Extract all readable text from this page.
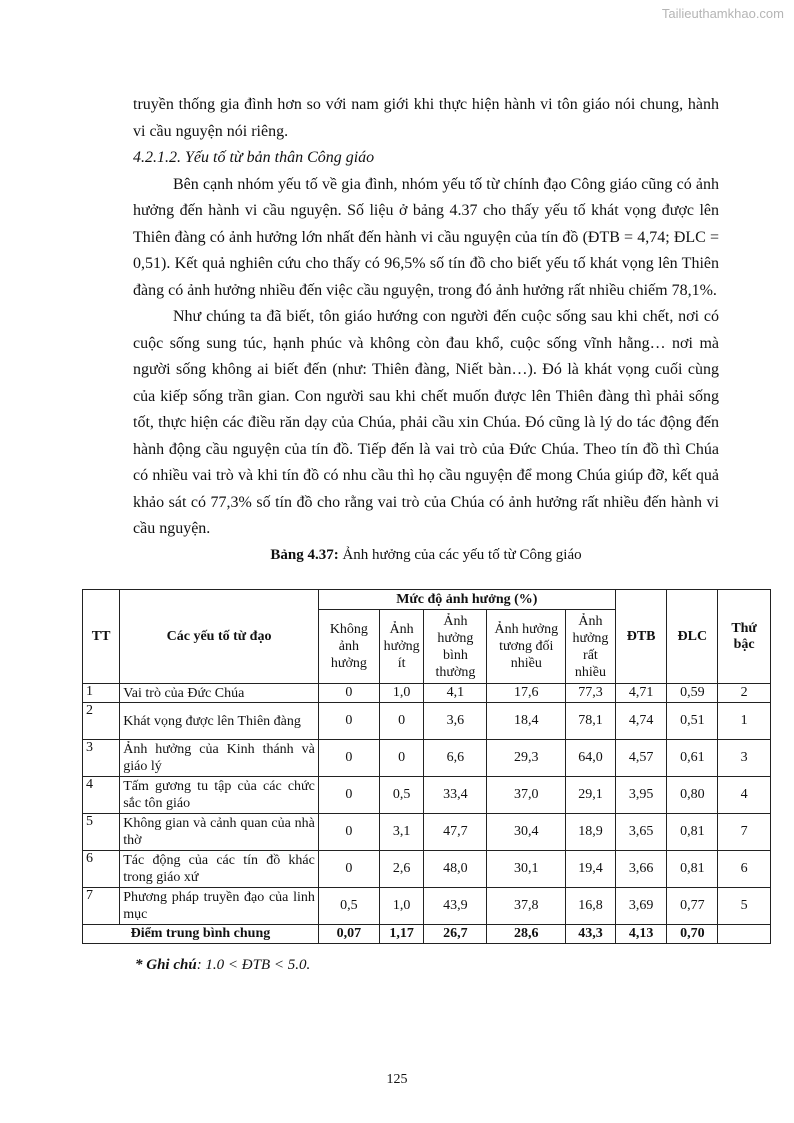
Tailieuthamkhao.com

truyền thống gia đình hơn so với nam giới khi thực hiện hành vi tôn giáo nói chung, hành vi cầu nguyện nói riêng.

4.2.1.2. Yếu tố từ bản thân Công giáo

Bên cạnh nhóm yếu tố về gia đình, nhóm yếu tố từ chính đạo Công giáo cũng có ảnh hưởng đến hành vi cầu nguyện. Số liệu ở bảng 4.37 cho thấy yếu tố khát vọng được lên Thiên đàng có ảnh hưởng lớn nhất đến hành vi cầu nguyện của tín đồ (ĐTB = 4,74; ĐLC = 0,51). Kết quả nghiên cứu cho thấy có 96,5% số tín đồ cho biết yếu tố khát vọng lên Thiên đàng có ảnh hưởng nhiều đến việc cầu nguyện, trong đó ảnh hưởng rất nhiều chiếm 78,1%.

Như chúng ta đã biết, tôn giáo hướng con người đến cuộc sống sau khi chết, nơi có cuộc sống sung túc, hạnh phúc và không còn đau khổ, cuộc sống vĩnh hằng… nơi mà người sống không ai biết đến (như: Thiên đàng, Niết bàn…). Đó là khát vọng cuối cùng của kiếp sống trần gian. Con người sau khi chết muốn được lên Thiên đàng thì phải sống tốt, thực hiện các điều răn dạy của Chúa, phải cầu xin Chúa. Đó cũng là lý do tác động đến hành động cầu nguyện của tín đồ. Tiếp đến là vai trò của Đức Chúa. Theo tín đồ thì Chúa có nhiều vai trò và khi tín đồ có nhu cầu thì họ cầu nguyện để mong Chúa giúp đỡ, kết quả khảo sát có 77,3% số tín đồ cho rằng vai trò của Chúa có ảnh hưởng rất nhiều đến hành vi cầu nguyện.

Bảng 4.37: Ảnh hưởng của các yếu tố từ Công giáo
TT	Các yếu tố từ đạo	Mức độ ảnh hưởng (%)					ĐTB	ĐLC	Thứ bậc
		Không ảnh hưởng	Ảnh hưởng ít	Ảnh hưởng bình thường	Ảnh hưởng tương đối nhiều	Ảnh hưởng rất nhiều			
1	Vai trò của Đức Chúa	0	1,0	4,1	17,6	77,3	4,71	0,59	2
2	Khát vọng được lên Thiên đàng	0	0	3,6	18,4	78,1	4,74	0,51	1
3	Ảnh hưởng của Kinh thánh và giáo lý	0	0	6,6	29,3	64,0	4,57	0,61	3
4	Tấm gương tu tập của các chức sắc tôn giáo	0	0,5	33,4	37,0	29,1	3,95	0,80	4
5	Không gian và cảnh quan của nhà thờ	0	3,1	47,7	30,4	18,9	3,65	0,81	7
6	Tác động của các tín đồ khác trong giáo xứ	0	2,6	48,0	30,1	19,4	3,66	0,81	6
7	Phương pháp truyền đạo của linh mục	0,5	1,0	43,9	37,8	16,8	3,69	0,77	5
Điểm trung bình chung		0,07	1,17	26,7	28,6	43,3	4,13	0,70	
* Ghi chú: 1.0 < ĐTB < 5.0.
125
